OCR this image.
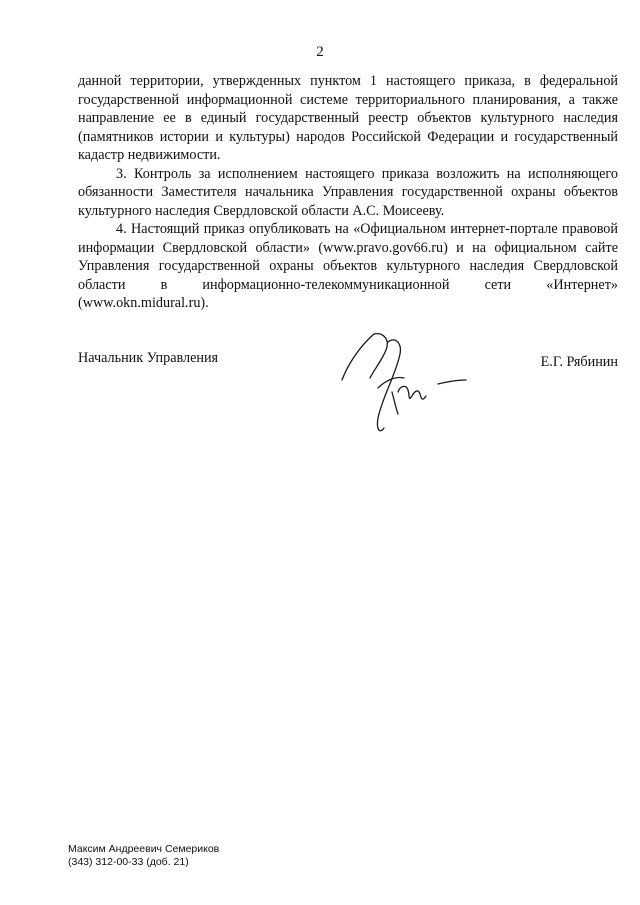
2

данной территории, утвержденных пунктом 1 настоящего приказа, в федеральной государственной информационной системе территориального планирования, а также направление ее в единый государственный реестр объектов культурного наследия (памятников истории и культуры) народов Российской Федерации и государственный кадастр недвижимости.

3. Контроль за исполнением настоящего приказа возложить на исполняющего обязанности Заместителя начальника Управления государственной охраны объектов культурного наследия Свердловской области А.С. Моисееву.

4. Настоящий приказ опубликовать на «Официальном интернет-портале правовой информации Свердловской области» (www.pravo.gov66.ru) и на официальном сайте Управления государственной охраны объектов культурного наследия Свердловской области в информационно-телекоммуникационной сети «Интернет» (www.okn.midural.ru).

Начальник Управления	Е.Г. Рябинин
Максим Андреевич Семериков
(343) 312-00-33 (доб. 21)
